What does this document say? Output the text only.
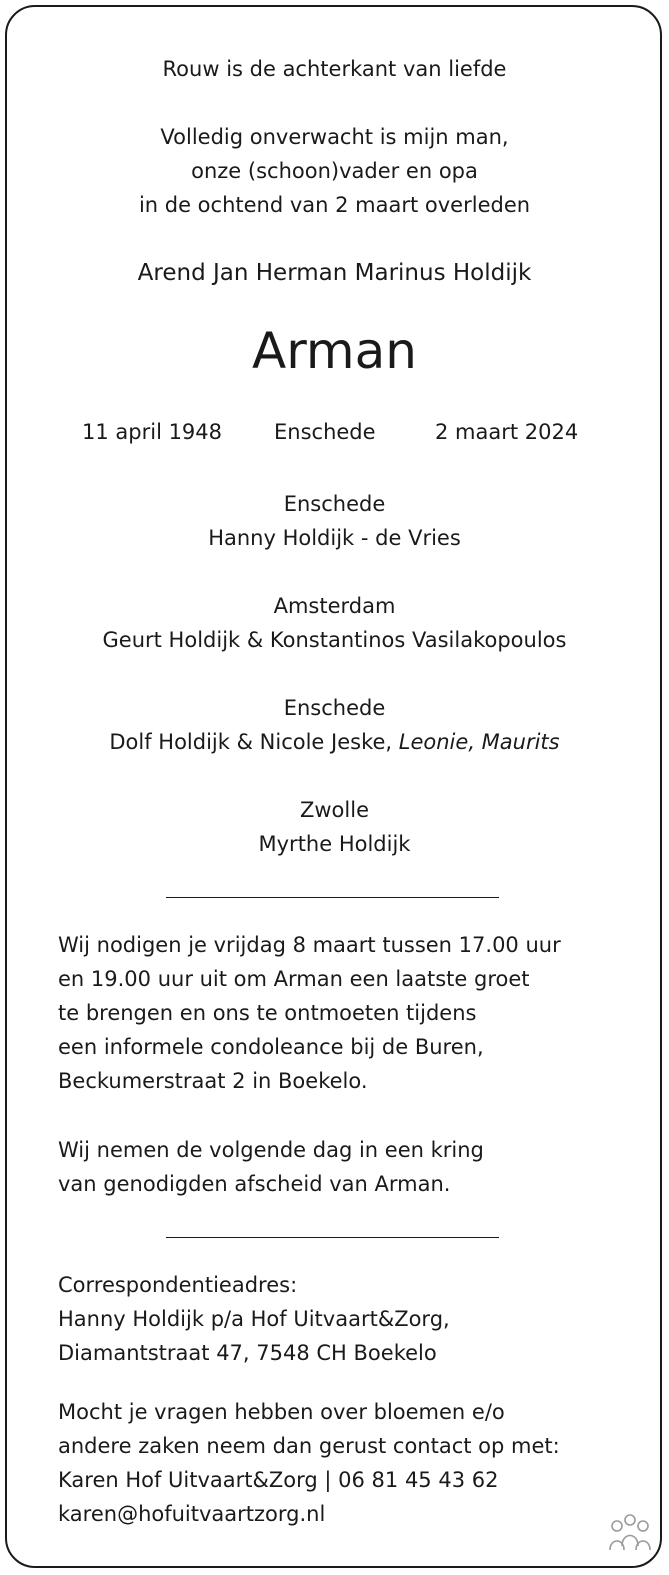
Rouw is de achterkant van liefde
Volledig onverwacht is mijn man,
onze (schoon)vader en opa
in de ochtend van 2 maart overleden
Arend Jan Herman Marinus Holdijk
Arman
11 april 1948 Enschede	2 maart 2024
Enschede
Hanny Holdijk - de Vries
Amsterdam
Geurt Holdijk & Konstantinos Vasilakopoulos
Enschede
Dolf Holdijk & Nicole Jeske, Leonie, Maurits
Zwolle
Myrthe Holdijk
Wij nodigen je vrijdag 8 maart tussen 17.00 uur
en 19.00 uur uit om Arman een laatste groet
te brengen en ons te ontmoeten tijdens
een informele condoleance bij de Buren,
Beckumerstraat 2 in Boekelo.
Wij nemen de volgende dag in een kring
van genodigden afscheid van Arman.
Correspondentieadres:
Hanny Holdijk p/a Hof Uitvaart&Zorg,
Diamantstraat 47, 7548 CH Boekelo
Mocht je vragen hebben over bloemen e/o
andere zaken neem dan gerust contact op met:
Karen Hof Uitvaart&Zorg | 06 81 45 43 62
karen@hofuitvaartzorg.nl
